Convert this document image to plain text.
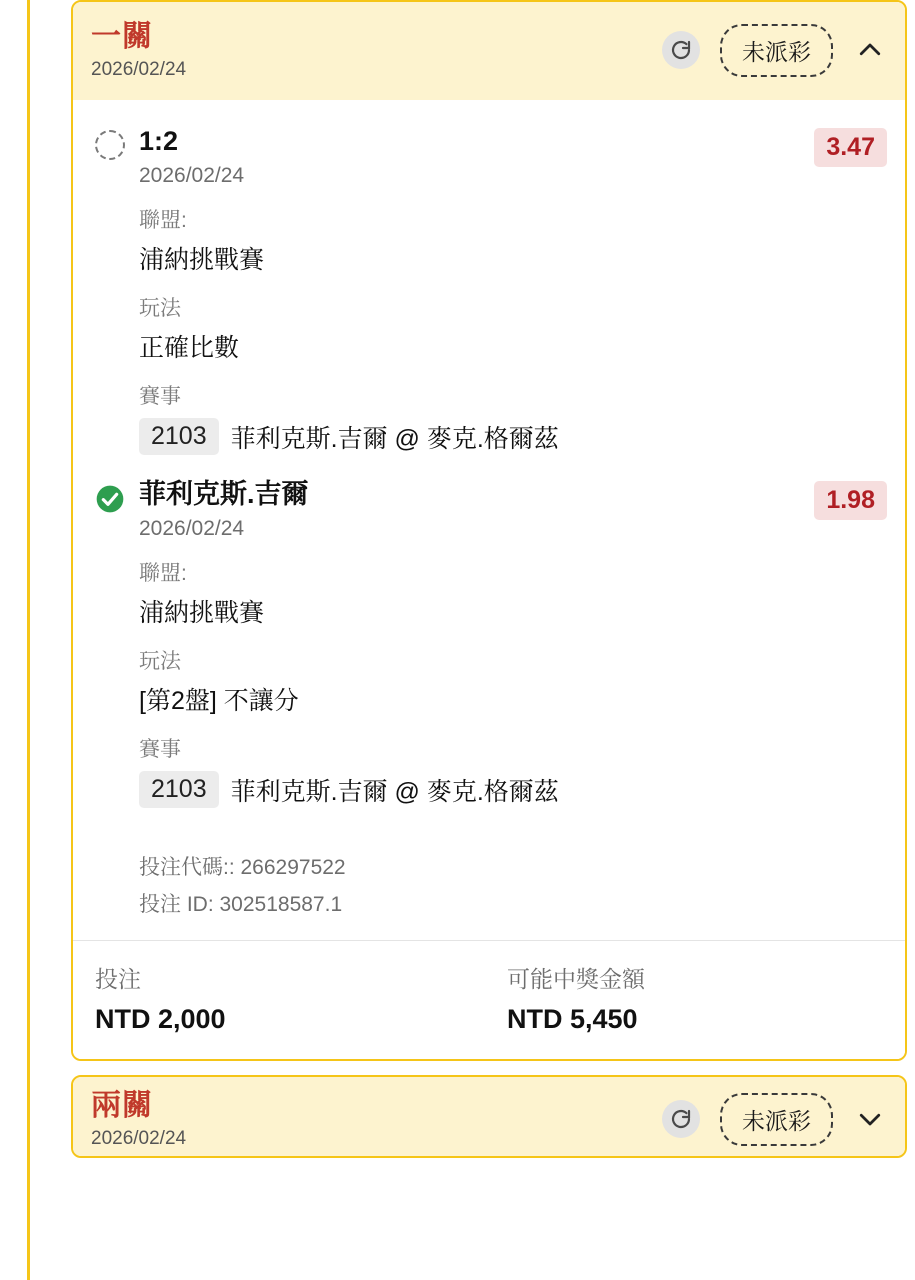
一關
2026/02/24
未派彩
1:2
2026/02/24
3.47
聯盟:
浦納挑戰賽
玩法
正確比數
賽事
2103 菲利克斯.吉爾 @ 麥克.格爾茲
菲利克斯.吉爾
2026/02/24
1.98
聯盟:
浦納挑戰賽
玩法
[第2盤] 不讓分
賽事
2103 菲利克斯.吉爾 @ 麥克.格爾茲
投注代碼:: 266297522
投注 ID: 302518587.1
投注
NTD 2,000
可能中獎金額
NTD 5,450
兩關
2026/02/24
未派彩
